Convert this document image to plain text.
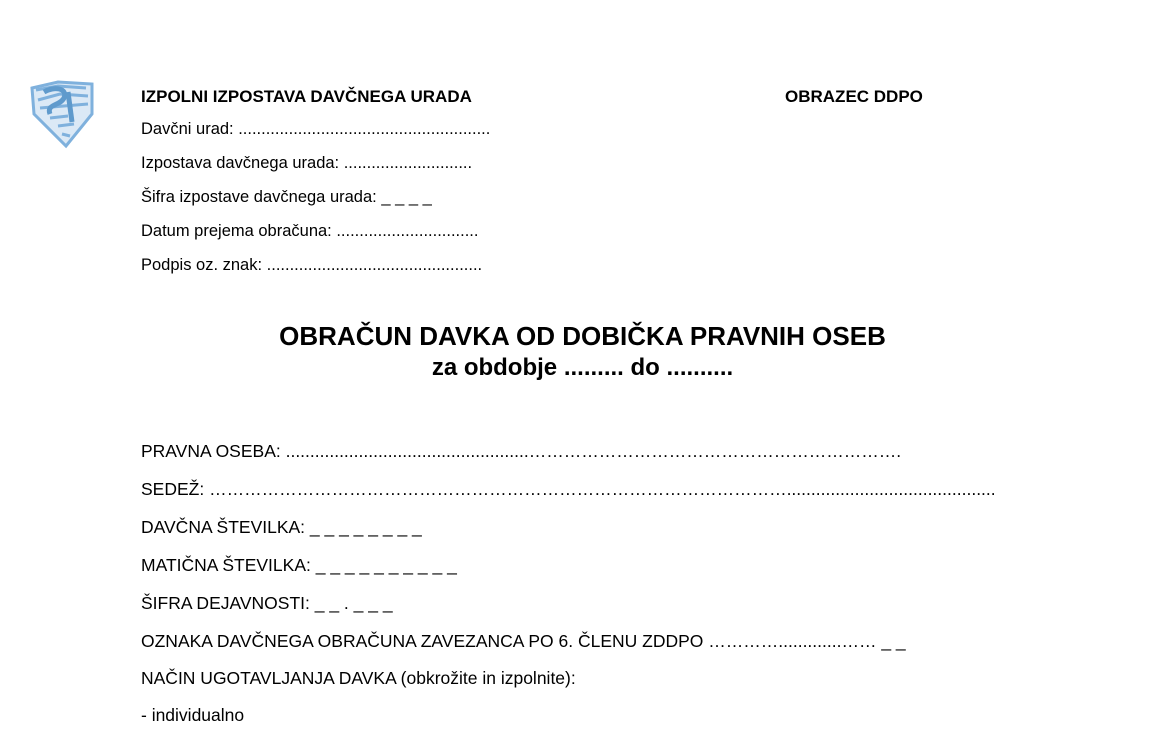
IZPOLNI IZPOSTAVA DAVČNEGA URADA	OBRAZEC DDPO
Davčni urad: .......................................................
Izpostava davčnega urada: ............................
Šifra izpostave davčnega urada: _ _ _ _
Datum prejema obračuna: ...............................
Podpis oz. znak: ...............................................
OBRAČUN DAVKA OD DOBIČKA PRAVNIH OSEB
za obdobje ......... do ..........
PRAVNA OSEBA: ..................................................……………………………………………………….
SEDEŽ: ………………………………………………………………………………………...........................................
DAVČNA ŠTEVILKA: _ _ _ _ _ _ _ _
MATIČNA ŠTEVILKA: _ _ _ _ _ _ _ _ _ _
ŠIFRA DEJAVNOSTI: _ _ . _ _ _
OZNAKA DAVČNEGA OBRAČUNA ZAVEZANCA PO 6. ČLENU ZDDPO ………….............…… _ _
NAČIN UGOTAVLJANJA DAVKA (obkrožite in izpolnite):
- individualno
